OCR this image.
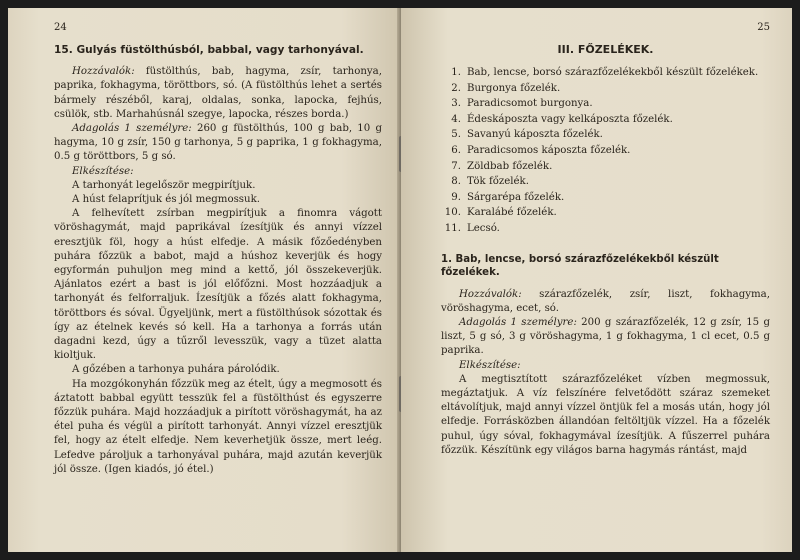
24

15. Gulyás füstölthúsból, babbal, vagy tarhonyával.

Hozzávalók: füstölthús, bab, hagyma, zsír, tarhonya, paprika, fokhagyma, töröttbors, só. (A füstölthús lehet a sertés bármely részéből, karaj, oldalas, sonka, lapocka, fejhús, csülök, stb. Marhahúsnál szegye, lapocka, részes borda.)

Adagolás 1 személyre: 260 g füstölthús, 100 g bab, 10 g hagyma, 10 g zsír, 150 g tarhonya, 5 g paprika, 1 g fokhagyma, 0.5 g töröttbors, 5 g só.

Elkészítése:

A tarhonyát legelőször megpirítjuk.

A húst felaprítjuk és jól megmossuk.

A felhevített zsírban megpirítjuk a finomra vágott vöröshagymát, majd paprikával ízesítjük és annyi vízzel eresztjük föl, hogy a húst elfedje. A másik főzőedényben puhára főzzük a babot, majd a húshoz keverjük és hogy egyformán puhuljon meg mind a kettő, jól összekeverjük. Ajánlatos ezért a bast is jól előfőzni. Most hozzáadjuk a tarhonyát és felforraljuk. Ízesítjük a főzés alatt fokhagyma, töröttbors és sóval. Ügyeljünk, mert a füstölthúsok sózottak és így az ételnek kevés só kell. Ha a tarhonya a forrás után dagadni kezd, úgy a tűzről levesszük, vagy a tüzet alatta kioltjuk.

A gőzében a tarhonya puhára párolódik.

Ha mozgókonyhán főzzük meg az ételt, úgy a megmosott és áztatott babbal együtt tesszük fel a füstölthúst és egyszerre főzzük puhára. Majd hozzáadjuk a pirított vöröshagymát, ha az étel puha és végül a pirított tarhonyát. Annyi vízzel eresztjük fel, hogy az ételt elfedje. Nem keverhetjük össze, mert leég. Lefedve pároljuk a tarhonyával puhára, majd azután keverjük jól össze. (Igen kiadós, jó étel.)

25
III. FŐZELÉKEK.
1. Bab, lencse, borsó szárazfőzelékekből készült főzelékek.
2. Burgonya főzelék.
3. Paradicsomot burgonya.
4. Édeskáposzta vagy kelkáposzta főzelék.
5. Savanyú káposzta főzelék.
6. Paradicsomos káposzta főzelék.
7. Zöldbab főzelék.
8. Tök főzelék.
9. Sárgarépa főzelék.
10. Karalábé főzelék.
11. Lecsó.

1. Bab, lencse, borsó szárazfőzelékekből készült főzelékek.

Hozzávalók: szárazfőzelék, zsír, liszt, fokhagyma, vöröshagyma, ecet, só.

Adagolás 1 személyre: 200 g szárazfőzelék, 12 g zsír, 15 g liszt, 5 g só, 3 g vöröshagyma, 1 g fokhagyma, 1 cl ecet, 0.5 g paprika.

Elkészítése:

A megtisztított szárazfőzeléket vízben megmossuk, megáztatjuk. A víz felszínére felvetődött száraz szemeket eltávolítjuk, majd annyi vízzel öntjük fel a mosás után, hogy jól elfedje. Forrásközben állandóan feltöltjük vízzel. Ha a főzelék puhul, úgy sóval, fokhagymával ízesítjük. A fűszerrel puhára főzzük. Készítünk egy világos barna hagymás rántást, majd
